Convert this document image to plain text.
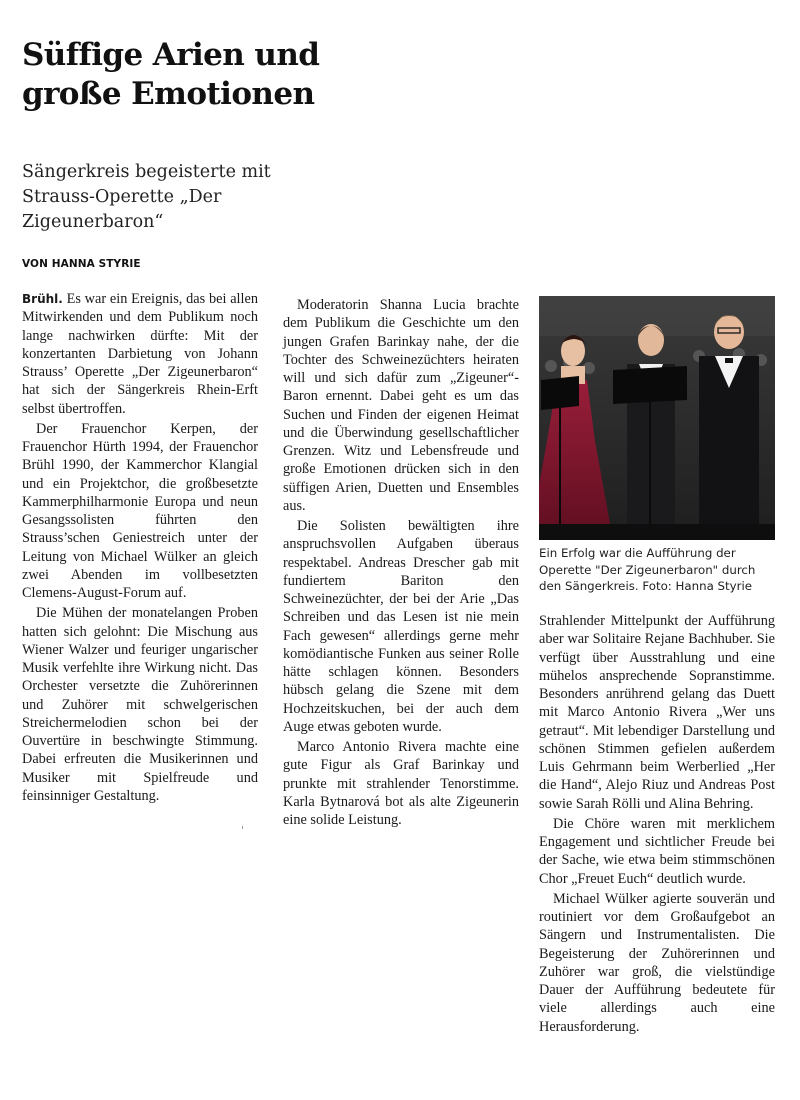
Süffige Arien und große Emotionen
Sängerkreis begeisterte mit Strauss-Operette „Der Zigeunerbaron“
VON HANNA STYRIE

Brühl. Es war ein Ereignis, das bei allen Mitwirkenden und dem Publikum noch lange nachwirken dürfte: Mit der konzertanten Darbietung von Johann Strauss’ Operette „Der Zigeunerbaron“ hat sich der Sängerkreis Rhein-Erft selbst übertroffen.

Der Frauenchor Kerpen, der Frauenchor Hürth 1994, der Frauenchor Brühl 1990, der Kammerchor Klangial und ein Projektchor, die großbesetzte Kammerphilharmonie Europa und neun Gesangssolisten führten den Strauss’schen Geniestreich unter der Leitung von Michael Wülker an gleich zwei Abenden im vollbesetzten Clemens-August-Forum auf.

Die Mühen der monatelangen Proben hatten sich gelohnt: Die Mischung aus Wiener Walzer und feuriger ungarischer Musik verfehlte ihre Wirkung nicht. Das Orchester versetzte die Zuhörerinnen und Zuhörer mit schwelgerischen Streichermelodien schon bei der Ouvertüre in beschwingte Stimmung. Dabei erfreuten die Musikerinnen und Musiker mit Spielfreude und feinsinniger Gestaltung.

Moderatorin Shanna Lucia brachte dem Publikum die Geschichte um den jungen Grafen Barinkay nahe, der die Tochter des Schweinezüchters heiraten will und sich dafür zum „Zigeuner“-Baron ernennt. Dabei geht es um das Suchen und Finden der eigenen Heimat und die Überwindung gesellschaftlicher Grenzen. Witz und Lebensfreude und große Emotionen drücken sich in den süffigen Arien, Duetten und Ensembles aus.

Die Solisten bewältigten ihre anspruchsvollen Aufgaben überaus respektabel. Andreas Drescher gab mit fundiertem Bariton den Schweinezüchter, der bei der Arie „Das Schreiben und das Lesen ist nie mein Fach gewesen“ allerdings gerne mehr komödiantische Funken aus seiner Rolle hätte schlagen können. Besonders hübsch gelang die Szene mit dem Hochzeitskuchen, bei der auch dem Auge etwas geboten wurde.

Marco Antonio Rivera machte eine gute Figur als Graf Barinkay und prunkte mit strahlender Tenorstimme. Karla Bytnarová bot als alte Zigeunerin eine solide Leistung.

Ein Erfolg war die Aufführung der Operette "Der Zigeunerbaron" durch den Sängerkreis. Foto: Hanna Styrie

Strahlender Mittelpunkt der Aufführung aber war Solitaire Rejane Bachhuber. Sie verfügt über Ausstrahlung und eine mühelos ansprechende Sopranstimme. Besonders anrührend gelang das Duett mit Marco Antonio Rivera „Wer uns getraut“. Mit lebendiger Darstellung und schönen Stimmen gefielen außerdem Luis Gehrmann beim Werberlied „Her die Hand“, Alejo Riuz und Andreas Post sowie Sarah Rölli und Alina Behring.

Die Chöre waren mit merklichem Engagement und sichtlicher Freude bei der Sache, wie etwa beim stimmschönen Chor „Freuet Euch“ deutlich wurde.

Michael Wülker agierte souverän und routiniert vor dem Großaufgebot an Sängern und Instrumentalisten. Die Begeisterung der Zuhörerinnen und Zuhörer war groß, die vielstündige Dauer der Aufführung bedeutete für viele allerdings auch eine Herausforderung.
